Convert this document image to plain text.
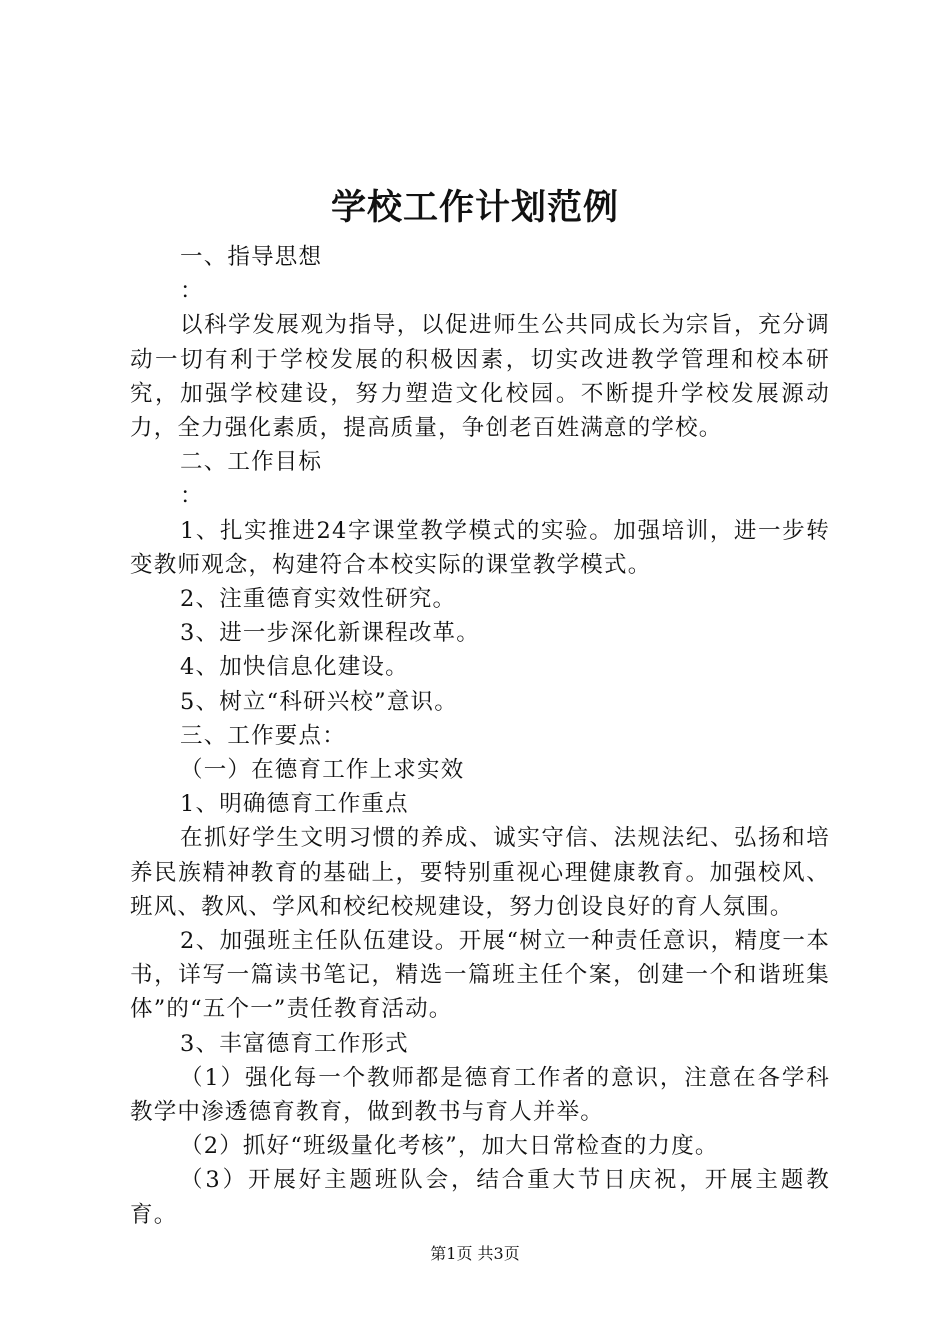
学校工作计划范例
一、指导思想
：
以科学发展观为指导，以促进师生公共同成长为宗旨，充分调动一切有利于学校发展的积极因素，切实改进教学管理和校本研究，加强学校建设，努力塑造文化校园。不断提升学校发展源动力，全力强化素质，提高质量，争创老百姓满意的学校。
二、工作目标
：
1、扎实推进24字课堂教学模式的实验。加强培训，进一步转变教师观念，构建符合本校实际的课堂教学模式。
2、注重德育实效性研究。
3、进一步深化新课程改革。
4、加快信息化建设。
5、树立“科研兴校”意识。
三、工作要点：
（一）在德育工作上求实效
1、明确德育工作重点
在抓好学生文明习惯的养成、诚实守信、法规法纪、弘扬和培养民族精神教育的基础上，要特别重视心理健康教育。加强校风、班风、教风、学风和校纪校规建设，努力创设良好的育人氛围。
2、加强班主任队伍建设。开展“树立一种责任意识，精度一本书，详写一篇读书笔记，精选一篇班主任个案，创建一个和谐班集体”的“五个一”责任教育活动。
3、丰富德育工作形式
（1）强化每一个教师都是德育工作者的意识，注意在各学科教学中渗透德育教育，做到教书与育人并举。
（2）抓好“班级量化考核”，加大日常检查的力度。
（3）开展好主题班队会，结合重大节日庆祝，开展主题教育。
第1页 共3页
